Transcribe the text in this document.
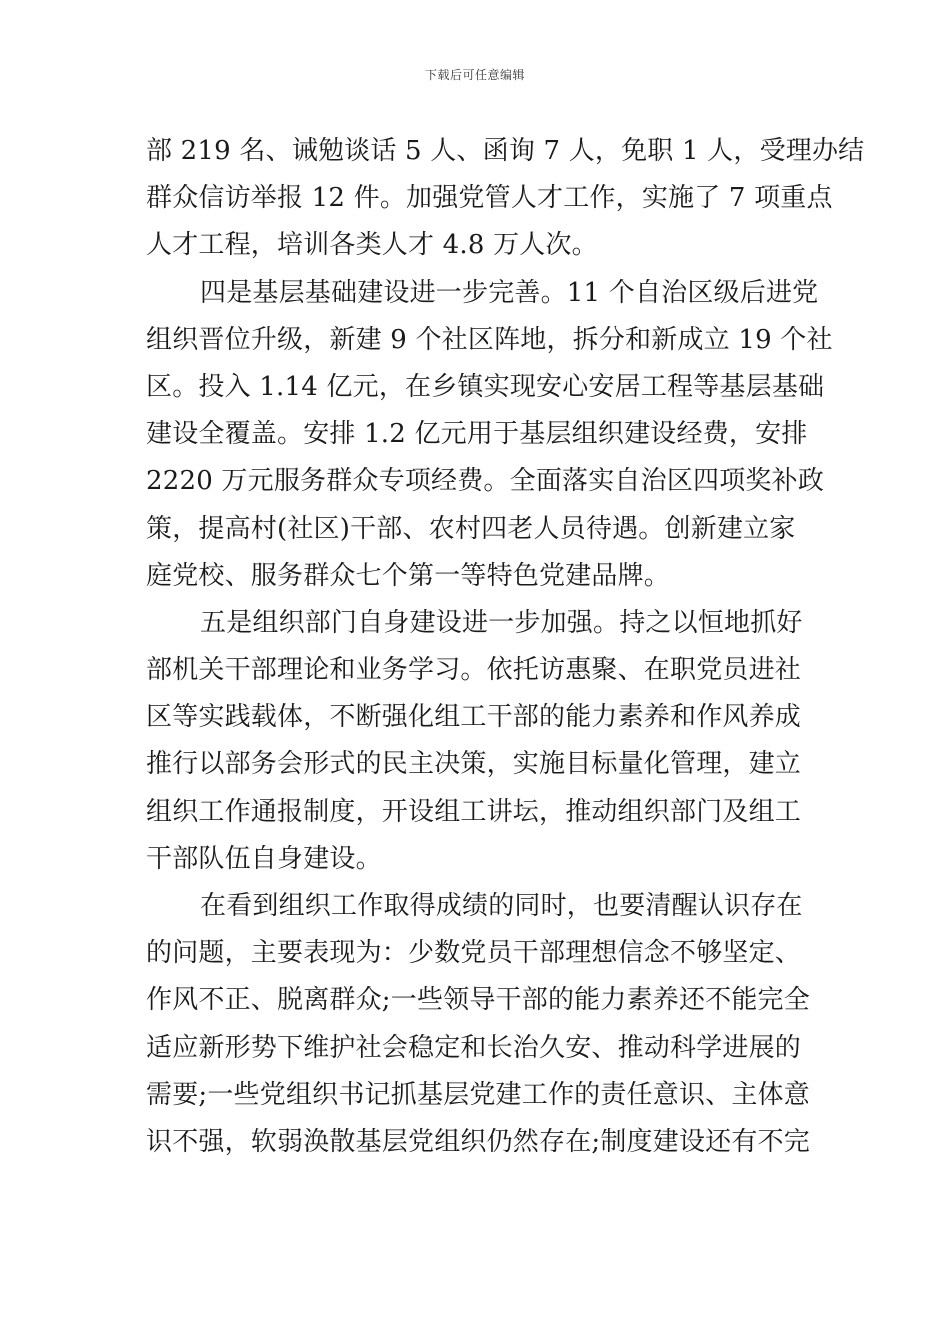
下载后可任意编辑
部 219 名、诫勉谈话 5 人、函询 7 人，免职 1 人，受理办结
群众信访举报 12 件。加强党管人才工作，实施了 7 项重点
人才工程，培训各类人才 4.8 万人次。
四是基层基础建设进一步完善。11 个自治区级后进党
组织晋位升级，新建 9 个社区阵地，拆分和新成立 19 个社
区。投入 1.14 亿元，在乡镇实现安心安居工程等基层基础
建设全覆盖。安排 1.2 亿元用于基层组织建设经费，安排
2220 万元服务群众专项经费。全面落实自治区四项奖补政
策，提高村(社区)干部、农村四老人员待遇。创新建立家
庭党校、服务群众七个第一等特色党建品牌。
五是组织部门自身建设进一步加强。持之以恒地抓好
部机关干部理论和业务学习。依托访惠聚、在职党员进社
区等实践载体，不断强化组工干部的能力素养和作风养成
推行以部务会形式的民主决策，实施目标量化管理，建立
组织工作通报制度，开设组工讲坛，推动组织部门及组工
干部队伍自身建设。
在看到组织工作取得成绩的同时，也要清醒认识存在
的问题，主要表现为：少数党员干部理想信念不够坚定、
作风不正、脱离群众;一些领导干部的能力素养还不能完全
适应新形势下维护社会稳定和长治久安、推动科学进展的
需要;一些党组织书记抓基层党建工作的责任意识、主体意
识不强，软弱涣散基层党组织仍然存在;制度建设还有不完
